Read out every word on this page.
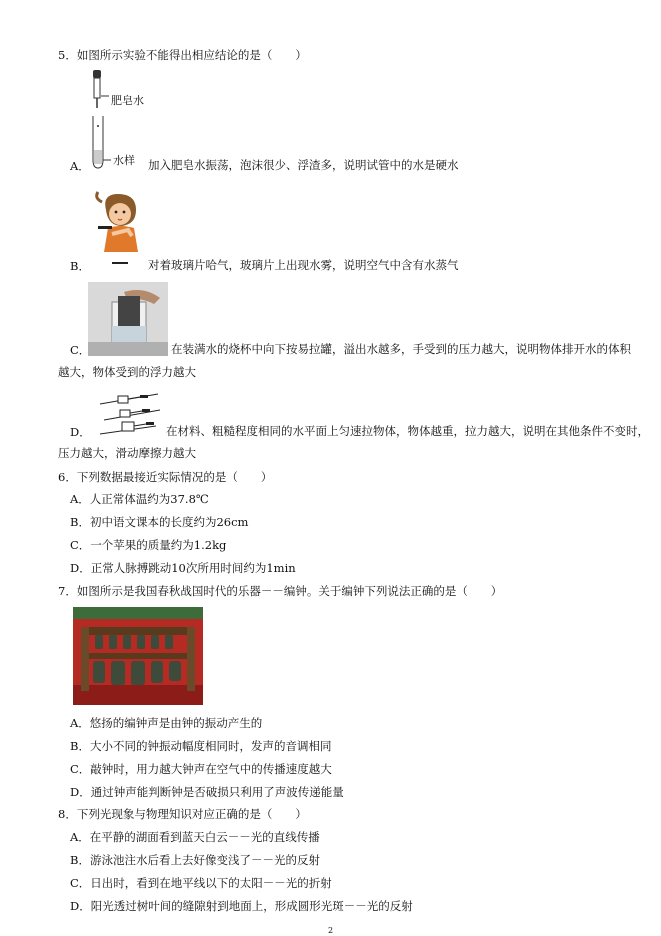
5．如图所示实验不能得出相应结论的是（　　）
肥皂水
水样
A．	加入肥皂水振荡，泡沫很少、浮渣多，说明试管中的水是硬水
B．	对着玻璃片哈气，玻璃片上出现水雾，说明空气中含有水蒸气
C．	在装满水的烧杯中向下按易拉罐，溢出水越多，手受到的压力越大，说明物体排开水的体积
越大，物体受到的浮力越大
D．	在材料、粗糙程度相同的水平面上匀速拉物体，物体越重，拉力越大，说明在其他条件不变时，
压力越大，滑动摩擦力越大
6．下列数据最接近实际情况的是（　　）
A．人正常体温约为37.8℃
B．初中语文课本的长度约为26cm
C．一个苹果的质量约为1.2kg
D．正常人脉搏跳动10次所用时间约为1min
7．如图所示是我国春秋战国时代的乐器－－编钟。关于编钟下列说法正确的是（　　）
A．悠扬的编钟声是由钟的振动产生的
B．大小不同的钟振动幅度相同时，发声的音调相同
C．敲钟时，用力越大钟声在空气中的传播速度越大
D．通过钟声能判断钟是否破损只利用了声波传递能量
8．下列光现象与物理知识对应正确的是（　　）
A．在平静的湖面看到蓝天白云－－光的直线传播
B．游泳池注水后看上去好像变浅了－－光的反射
C．日出时，看到在地平线以下的太阳－－光的折射
D．阳光透过树叶间的缝隙射到地面上，形成圆形光斑－－光的反射
2
